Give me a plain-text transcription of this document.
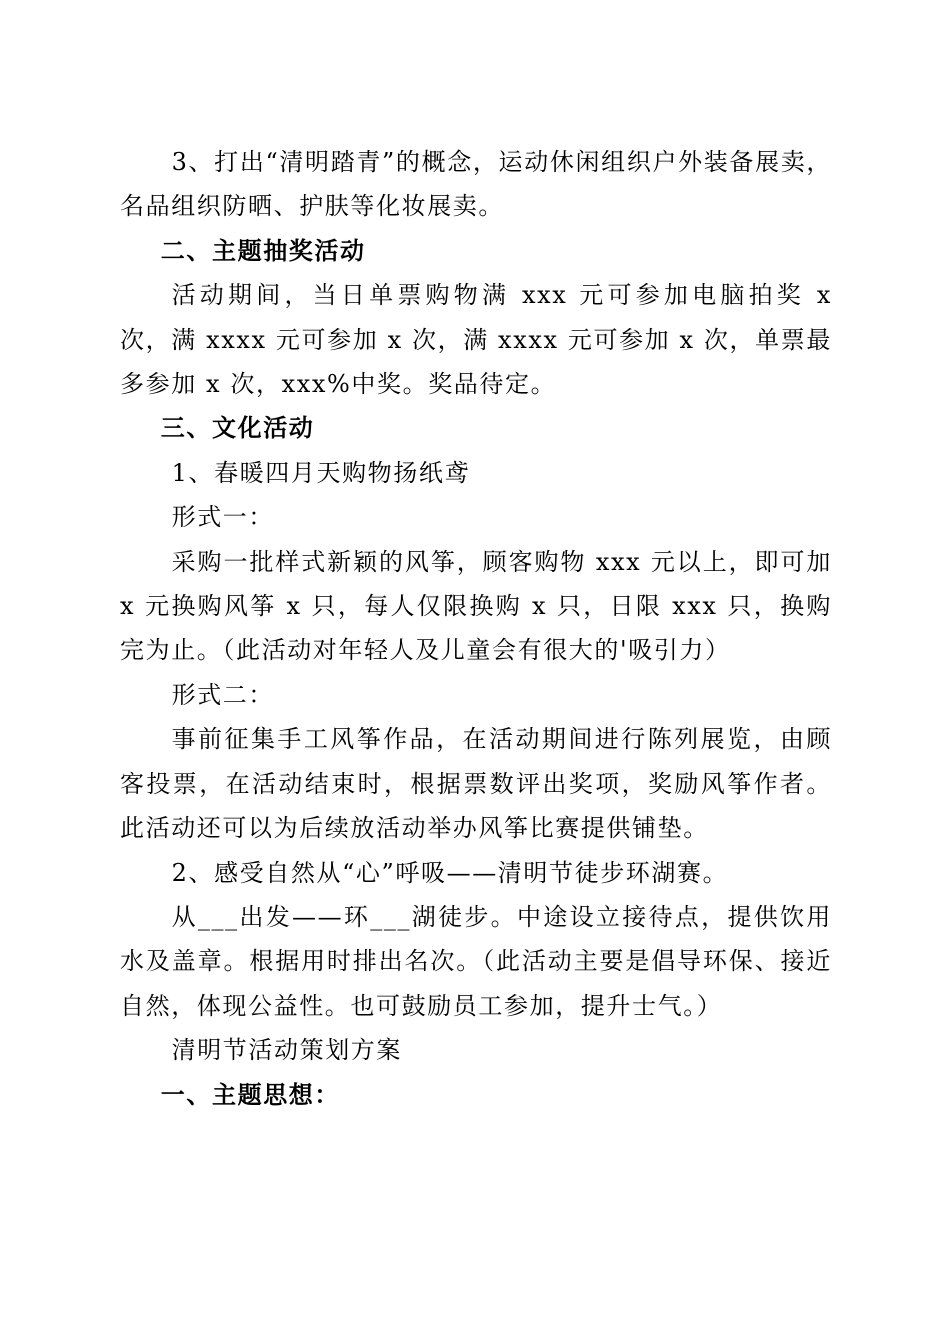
3、打出“清明踏青”的概念，运动休闲组织户外装备展卖，名品组织防晒、护肤等化妆展卖。

二、主题抽奖活动

活动期间，当日单票购物满 xxx 元可参加电脑拍奖 x 次，满 xxxx 元可参加 x 次，满 xxxx 元可参加 x 次，单票最多参加 x 次，xxx%中奖。奖品待定。

三、文化活动

1、春暖四月天购物扬纸鸢

形式一：

采购一批样式新颖的风筝，顾客购物 xxx 元以上，即可加 x 元换购风筝 x 只，每人仅限换购 x 只，日限 xxx 只，换购完为止。（此活动对年轻人及儿童会有很大的'吸引力）

形式二：

事前征集手工风筝作品，在活动期间进行陈列展览，由顾客投票，在活动结束时，根据票数评出奖项，奖励风筝作者。此活动还可以为后续放活动举办风筝比赛提供铺垫。

2、感受自然从“心”呼吸——清明节徒步环湖赛。

从___出发——环___湖徒步。中途设立接待点，提供饮用水及盖章。根据用时排出名次。（此活动主要是倡导环保、接近自然，体现公益性。也可鼓励员工参加，提升士气。）

清明节活动策划方案

一、主题思想：
